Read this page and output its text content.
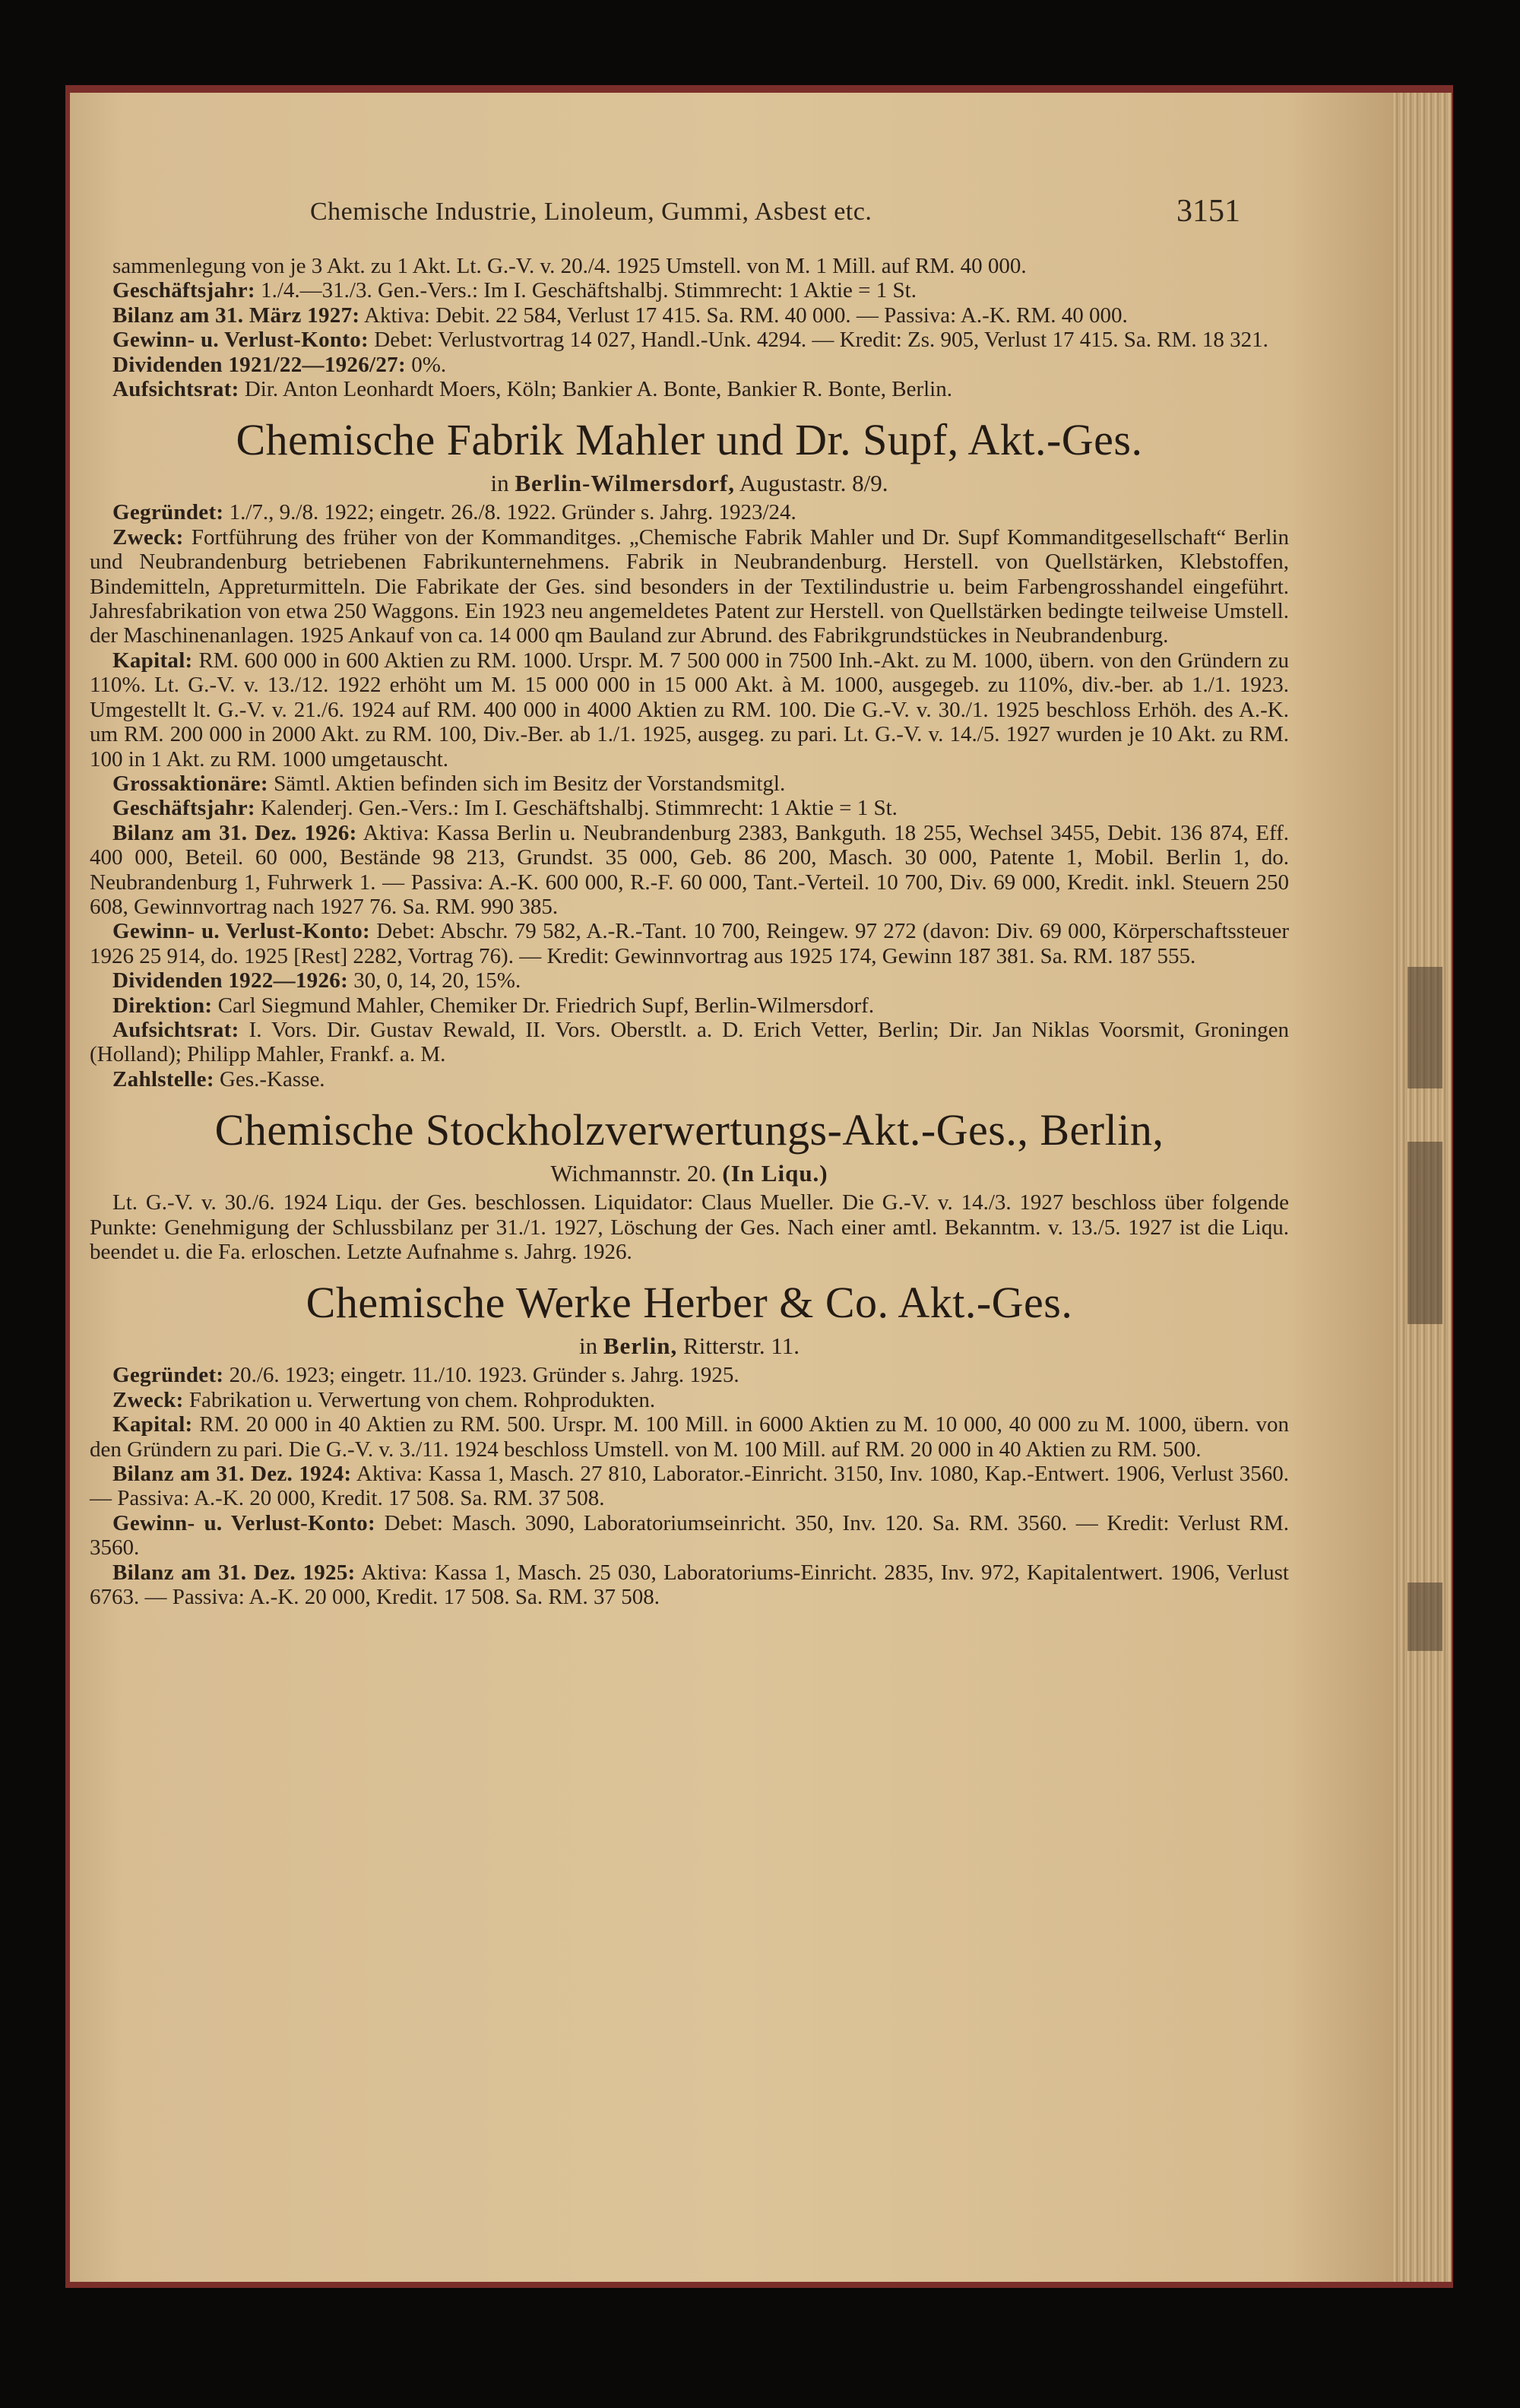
Chemische Industrie, Linoleum, Gummi, Asbest etc.	3151

sammenlegung von je 3 Akt. zu 1 Akt. Lt. G.-V. v. 20./4. 1925 Umstell. von M. 1 Mill. auf RM. 40 000.

Geschäftsjahr: 1./4.—31./3. Gen.-Vers.: Im I. Geschäftshalbj. Stimmrecht: 1 Aktie = 1 St.

Bilanz am 31. März 1927: Aktiva: Debit. 22 584, Verlust 17 415. Sa. RM. 40 000. — Passiva: A.-K. RM. 40 000.

Gewinn- u. Verlust-Konto: Debet: Verlustvortrag 14 027, Handl.-Unk. 4294. — Kredit: Zs. 905, Verlust 17 415. Sa. RM. 18 321.

Dividenden 1921/22—1926/27: 0%.

Aufsichtsrat: Dir. Anton Leonhardt Moers, Köln; Bankier A. Bonte, Bankier R. Bonte, Berlin.

Chemische Fabrik Mahler und Dr. Supf, Akt.-Ges.
in Berlin-Wilmersdorf, Augustastr. 8/9.

Gegründet: 1./7., 9./8. 1922; eingetr. 26./8. 1922. Gründer s. Jahrg. 1923/24.

Zweck: Fortführung des früher von der Kommanditges. „Chemische Fabrik Mahler und Dr. Supf Kommanditgesellschaft“ Berlin und Neubrandenburg betriebenen Fabrikunternehmens. Fabrik in Neubrandenburg. Herstell. von Quellstärken, Klebstoffen, Bindemitteln, Appreturmitteln. Die Fabrikate der Ges. sind besonders in der Textilindustrie u. beim Farbengrosshandel eingeführt. Jahresfabrikation von etwa 250 Waggons. Ein 1923 neu angemeldetes Patent zur Herstell. von Quellstärken bedingte teilweise Umstell. der Maschinenanlagen. 1925 Ankauf von ca. 14 000 qm Bauland zur Abrund. des Fabrikgrundstückes in Neubrandenburg.

Kapital: RM. 600 000 in 600 Aktien zu RM. 1000. Urspr. M. 7 500 000 in 7500 Inh.-Akt. zu M. 1000, übern. von den Gründern zu 110%. Lt. G.-V. v. 13./12. 1922 erhöht um M. 15 000 000 in 15 000 Akt. à M. 1000, ausgegeb. zu 110%, div.-ber. ab 1./1. 1923. Umgestellt lt. G.-V. v. 21./6. 1924 auf RM. 400 000 in 4000 Aktien zu RM. 100. Die G.-V. v. 30./1. 1925 beschloss Erhöh. des A.-K. um RM. 200 000 in 2000 Akt. zu RM. 100, Div.-Ber. ab 1./1. 1925, ausgeg. zu pari. Lt. G.-V. v. 14./5. 1927 wurden je 10 Akt. zu RM. 100 in 1 Akt. zu RM. 1000 umgetauscht.

Grossaktionäre: Sämtl. Aktien befinden sich im Besitz der Vorstandsmitgl.

Geschäftsjahr: Kalenderj. Gen.-Vers.: Im I. Geschäftshalbj. Stimmrecht: 1 Aktie = 1 St.

Bilanz am 31. Dez. 1926: Aktiva: Kassa Berlin u. Neubrandenburg 2383, Bankguth. 18 255, Wechsel 3455, Debit. 136 874, Eff. 400 000, Beteil. 60 000, Bestände 98 213, Grundst. 35 000, Geb. 86 200, Masch. 30 000, Patente 1, Mobil. Berlin 1, do. Neubrandenburg 1, Fuhrwerk 1. — Passiva: A.-K. 600 000, R.-F. 60 000, Tant.-Verteil. 10 700, Div. 69 000, Kredit. inkl. Steuern 250 608, Gewinnvortrag nach 1927 76. Sa. RM. 990 385.

Gewinn- u. Verlust-Konto: Debet: Abschr. 79 582, A.-R.-Tant. 10 700, Reingew. 97 272 (davon: Div. 69 000, Körperschaftssteuer 1926 25 914, do. 1925 [Rest] 2282, Vortrag 76). — Kredit: Gewinnvortrag aus 1925 174, Gewinn 187 381. Sa. RM. 187 555.

Dividenden 1922—1926: 30, 0, 14, 20, 15%.

Direktion: Carl Siegmund Mahler, Chemiker Dr. Friedrich Supf, Berlin-Wilmersdorf.

Aufsichtsrat: I. Vors. Dir. Gustav Rewald, II. Vors. Oberstlt. a. D. Erich Vetter, Berlin; Dir. Jan Niklas Voorsmit, Groningen (Holland); Philipp Mahler, Frankf. a. M.

Zahlstelle: Ges.-Kasse.

Chemische Stockholzverwertungs-Akt.-Ges., Berlin,
Wichmannstr. 20. (In Liqu.)

Lt. G.-V. v. 30./6. 1924 Liqu. der Ges. beschlossen. Liquidator: Claus Mueller. Die G.-V. v. 14./3. 1927 beschloss über folgende Punkte: Genehmigung der Schlussbilanz per 31./1. 1927, Löschung der Ges. Nach einer amtl. Bekanntm. v. 13./5. 1927 ist die Liqu. beendet u. die Fa. erloschen. Letzte Aufnahme s. Jahrg. 1926.

Chemische Werke Herber & Co. Akt.-Ges.
in Berlin, Ritterstr. 11.

Gegründet: 20./6. 1923; eingetr. 11./10. 1923. Gründer s. Jahrg. 1925.

Zweck: Fabrikation u. Verwertung von chem. Rohprodukten.

Kapital: RM. 20 000 in 40 Aktien zu RM. 500. Urspr. M. 100 Mill. in 6000 Aktien zu M. 10 000, 40 000 zu M. 1000, übern. von den Gründern zu pari. Die G.-V. v. 3./11. 1924 beschloss Umstell. von M. 100 Mill. auf RM. 20 000 in 40 Aktien zu RM. 500.

Bilanz am 31. Dez. 1924: Aktiva: Kassa 1, Masch. 27 810, Laborator.-Einricht. 3150, Inv. 1080, Kap.-Entwert. 1906, Verlust 3560. — Passiva: A.-K. 20 000, Kredit. 17 508. Sa. RM. 37 508.

Gewinn- u. Verlust-Konto: Debet: Masch. 3090, Laboratoriumseinricht. 350, Inv. 120. Sa. RM. 3560. — Kredit: Verlust RM. 3560.

Bilanz am 31. Dez. 1925: Aktiva: Kassa 1, Masch. 25 030, Laboratoriums-Einricht. 2835, Inv. 972, Kapitalentwert. 1906, Verlust 6763. — Passiva: A.-K. 20 000, Kredit. 17 508. Sa. RM. 37 508.
